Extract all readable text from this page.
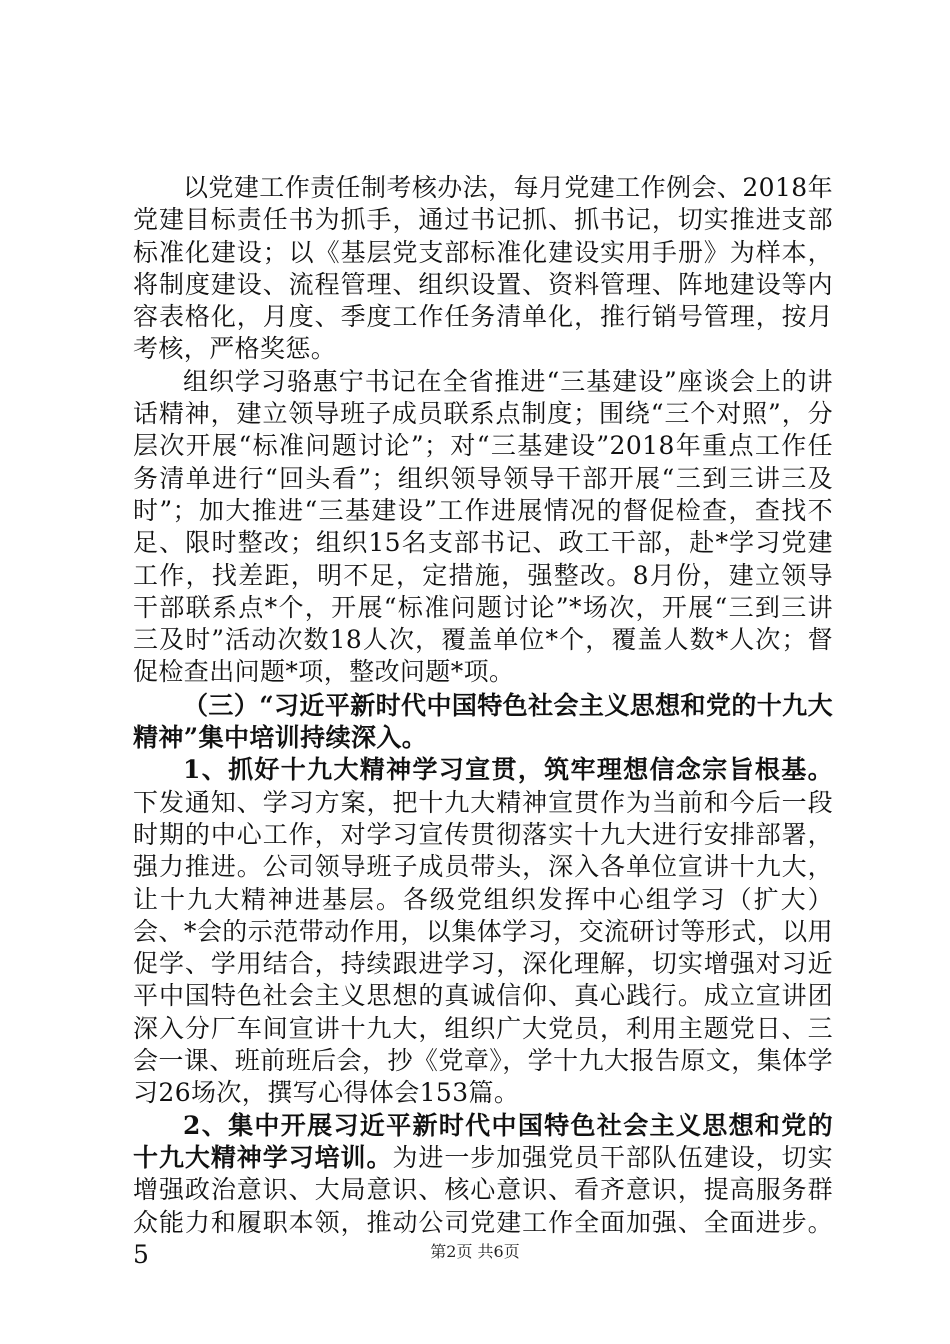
以党建工作责任制考核办法，每月党建工作例会、2018年党建目标责任书为抓手，通过书记抓、抓书记，切实推进支部标准化建设；以《基层党支部标准化建设实用手册》为样本，将制度建设、流程管理、组织设置、资料管理、阵地建设等内容表格化，月度、季度工作任务清单化，推行销号管理，按月考核，严格奖惩。

组织学习骆惠宁书记在全省推进“三基建设”座谈会上的讲话精神，建立领导班子成员联系点制度；围绕“三个对照”，分层次开展“标准问题讨论”；对“三基建设”2018年重点工作任务清单进行“回头看”；组织领导领导干部开展“三到三讲三及时”；加大推进“三基建设”工作进展情况的督促检查，查找不足、限时整改；组织15名支部书记、政工干部，赴*学习党建工作，找差距，明不足，定措施，强整改。8月份，建立领导干部联系点*个，开展“标准问题讨论”*场次，开展“三到三讲三及时”活动次数18人次，覆盖单位*个，覆盖人数*人次；督促检查出问题*项，整改问题*项。

（三）“习近平新时代中国特色社会主义思想和党的十九大精神”集中培训持续深入。

1、抓好十九大精神学习宣贯，筑牢理想信念宗旨根基。下发通知、学习方案，把十九大精神宣贯作为当前和今后一段时期的中心工作，对学习宣传贯彻落实十九大进行安排部署，强力推进。公司领导班子成员带头，深入各单位宣讲十九大，让十九大精神进基层。各级党组织发挥中心组学习（扩大）会、*会的示范带动作用，以集体学习，交流研讨等形式，以用促学、学用结合，持续跟进学习，深化理解，切实增强对习近平中国特色社会主义思想的真诚信仰、真心践行。成立宣讲团深入分厂车间宣讲十九大，组织广大党员，利用主题党日、三会一课、班前班后会，抄《党章》，学十九大报告原文，集体学习26场次，撰写心得体会153篇。

2、集中开展习近平新时代中国特色社会主义思想和党的十九大精神学习培训。为进一步加强党员干部队伍建设，切实增强政治意识、大局意识、核心意识、看齐意识，提高服务群众能力和履职本领，推动公司党建工作全面加强、全面进步。5	第2页 共6页
